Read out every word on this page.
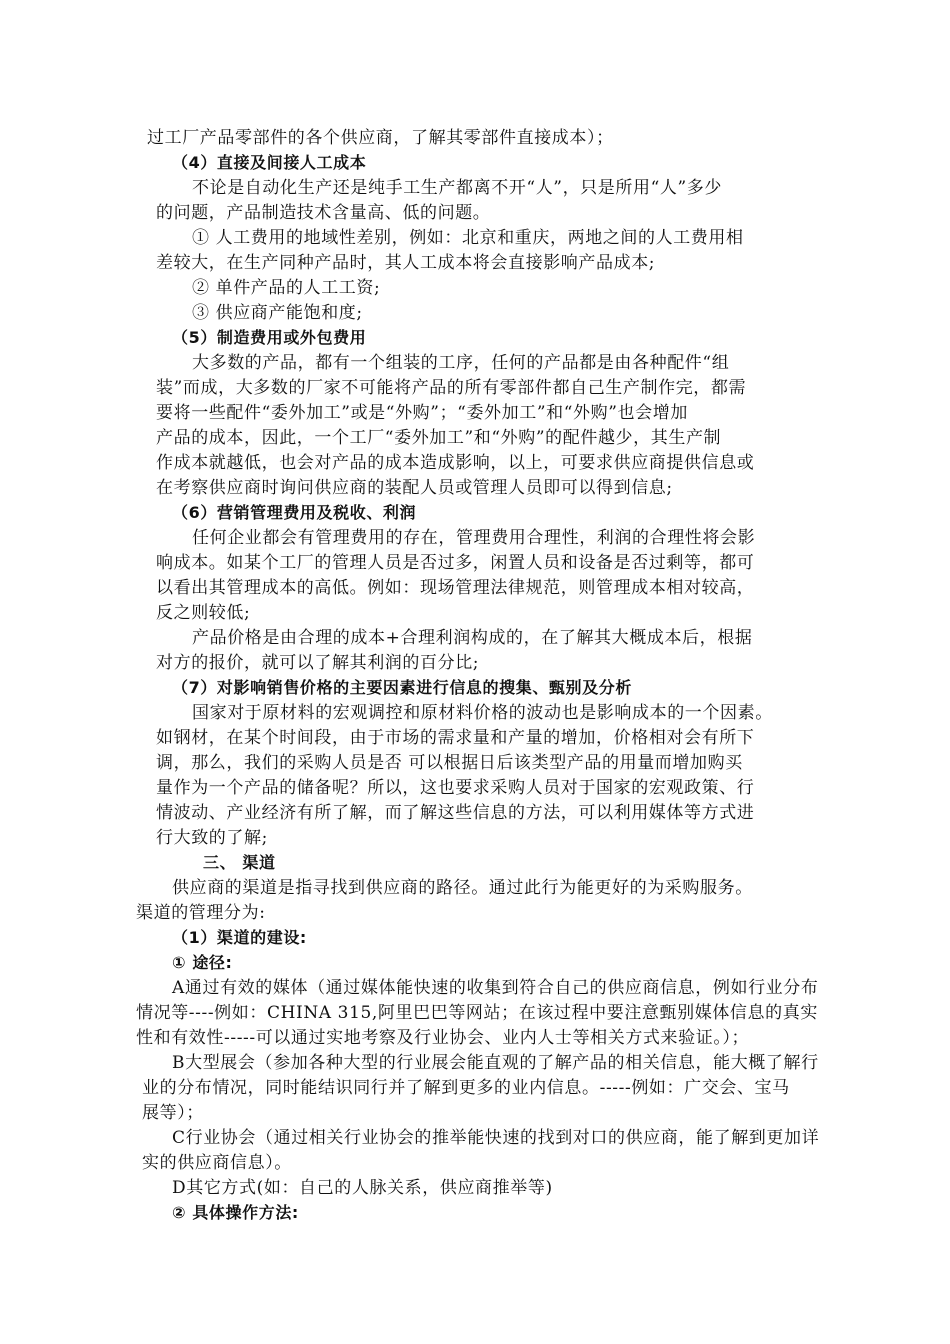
过工厂产品零部件的各个供应商，了解其零部件直接成本）；
（4）直接及间接人工成本
不论是自动化生产还是纯手工生产都离不开“人”，只是所用“人”多少
的问题，产品制造技术含量高、低的问题。
① 人工费用的地域性差别，例如：北京和重庆，两地之间的人工费用相
差较大，在生产同种产品时，其人工成本将会直接影响产品成本;
② 单件产品的人工工资;
③ 供应商产能饱和度;
（5）制造费用或外包费用
大多数的产品，都有一个组装的工序，任何的产品都是由各种配件“组
装”而成，大多数的厂家不可能将产品的所有零部件都自己生产制作完，都需
要将一些配件“委外加工”或是“外购”；“委外加工”和“外购”也会增加
产品的成本，因此，一个工厂“委外加工”和“外购”的配件越少，其生产制
作成本就越低，也会对产品的成本造成影响，以上，可要求供应商提供信息或
在考察供应商时询问供应商的装配人员或管理人员即可以得到信息;
（6）营销管理费用及税收、利润
任何企业都会有管理费用的存在，管理费用合理性，利润的合理性将会影
响成本。如某个工厂的管理人员是否过多，闲置人员和设备是否过剩等，都可
以看出其管理成本的高低。例如：现场管理法律规范，则管理成本相对较高，
反之则较低;
产品价格是由合理的成本+合理利润构成的，在了解其大概成本后，根据
对方的报价，就可以了解其利润的百分比;
（7）对影响销售价格的主要因素进行信息的搜集、甄别及分析
国家对于原材料的宏观调控和原材料价格的波动也是影响成本的一个因素。
如钢材，在某个时间段，由于市场的需求量和产量的增加，价格相对会有所下
调，那么，我们的采购人员是否 可以根据日后该类型产品的用量而增加购买
量作为一个产品的储备呢？所以，这也要求采购人员对于国家的宏观政策、行
情波动、产业经济有所了解，而了解这些信息的方法，可以利用媒体等方式进
行大致的了解;
三、 渠道
供应商的渠道是指寻找到供应商的路径。通过此行为能更好的为采购服务。
渠道的管理分为:
（1）渠道的建设:
① 途径:
A通过有效的媒体（通过媒体能快速的收集到符合自己的供应商信息，例如行业分布
情况等----例如：CHINA 315,阿里巴巴等网站；在该过程中要注意甄别媒体信息的真实
性和有效性-----可以通过实地考察及行业协会、业内人士等相关方式来验证。）；
B大型展会（参加各种大型的行业展会能直观的了解产品的相关信息，能大概了解行
业的分布情况，同时能结识同行并了解到更多的业内信息。-----例如：广交会、宝马
展等）；
C行业协会（通过相关行业协会的推举能快速的找到对口的供应商，能了解到更加详
实的供应商信息）。
D其它方式(如：自己的人脉关系，供应商推举等)
② 具体操作方法:
